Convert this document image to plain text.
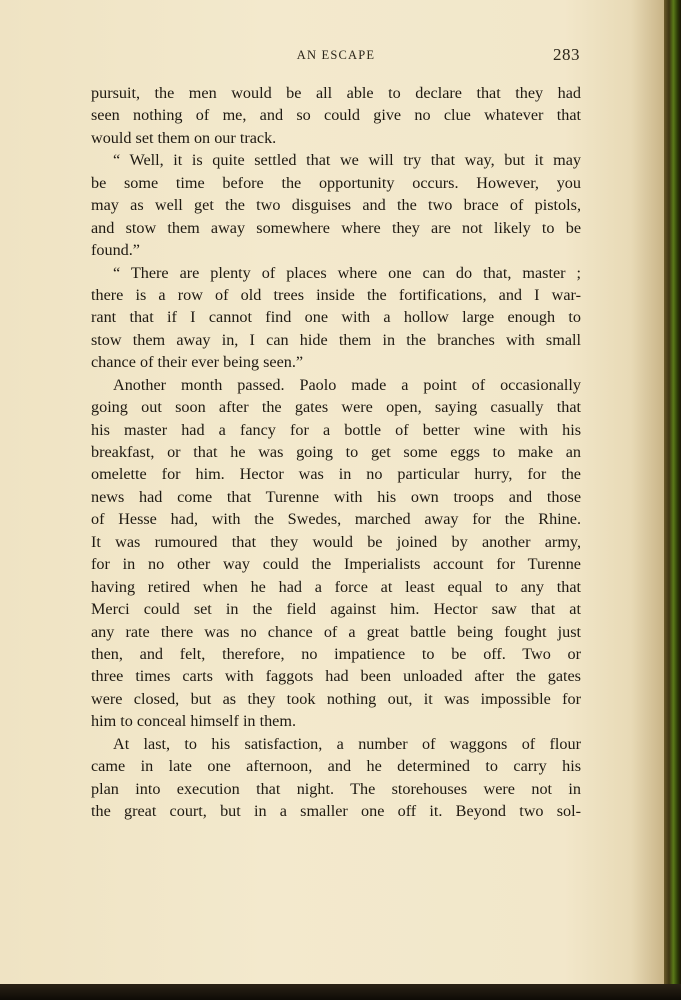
AN ESCAPE	283
pursuit, the men would be all able to declare that they had
seen nothing of me, and so could give no clue whatever that
would set them on our track.
“ Well, it is quite settled that we will try that way, but it may
be some time before the opportunity occurs. However, you
may as well get the two disguises and the two brace of pistols,
and stow them away somewhere where they are not likely to be
found.”
“ There are plenty of places where one can do that, master ;
there is a row of old trees inside the fortifications, and I war-
rant that if I cannot find one with a hollow large enough to
stow them away in, I can hide them in the branches with small
chance of their ever being seen.”
Another month passed. Paolo made a point of occasionally
going out soon after the gates were open, saying casually that
his master had a fancy for a bottle of better wine with his
breakfast, or that he was going to get some eggs to make an
omelette for him. Hector was in no particular hurry, for the
news had come that Turenne with his own troops and those
of Hesse had, with the Swedes, marched away for the Rhine.
It was rumoured that they would be joined by another army,
for in no other way could the Imperialists account for Turenne
having retired when he had a force at least equal to any that
Merci could set in the field against him. Hector saw that at
any rate there was no chance of a great battle being fought just
then, and felt, therefore, no impatience to be off. Two or
three times carts with faggots had been unloaded after the gates
were closed, but as they took nothing out, it was impossible for
him to conceal himself in them.
At last, to his satisfaction, a number of waggons of flour
came in late one afternoon, and he determined to carry his
plan into execution that night. The storehouses were not in
the great court, but in a smaller one off it. Beyond two sol-
